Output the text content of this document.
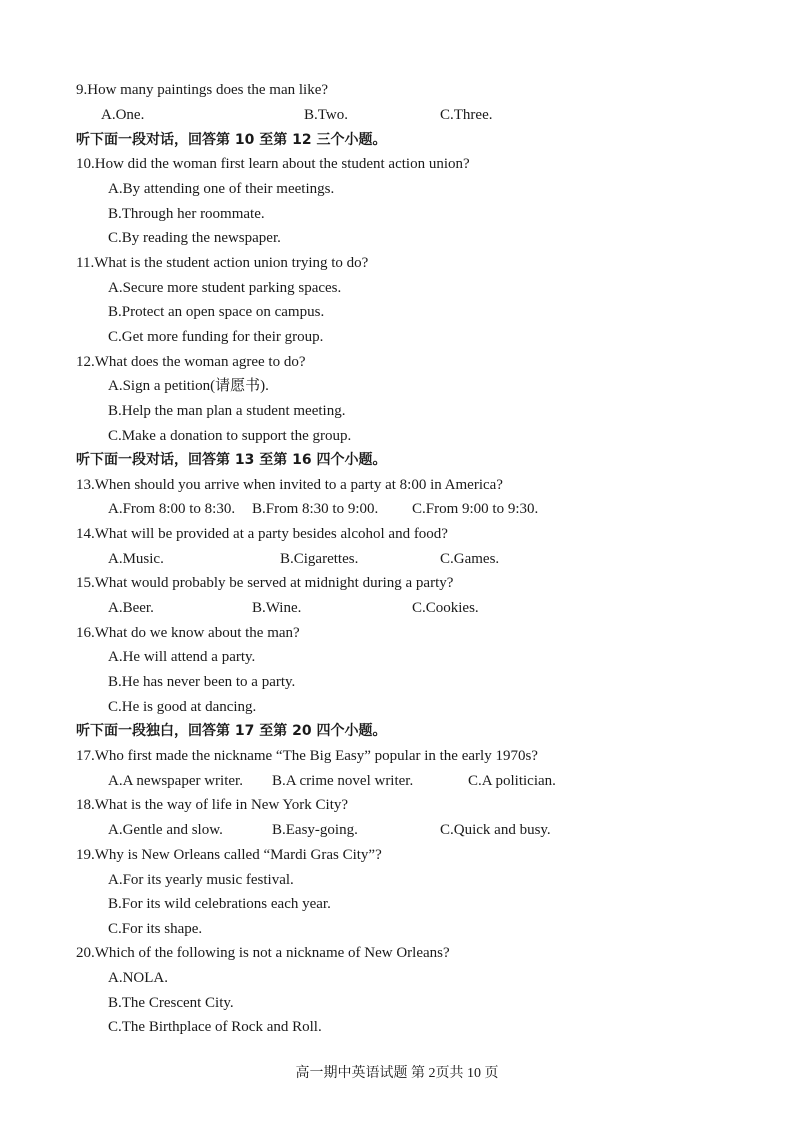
9.How many paintings does the man like?
A.One.	B.Two.	C.Three.
听下面一段对话，回答第 10 至第 12 三个小题。
10.How did the woman first learn about the student action union?
A.By attending one of their meetings.
B.Through her roommate.
C.By reading the newspaper.
11.What is the student action union trying to do?
A.Secure more student parking spaces.
B.Protect an open space on campus.
C.Get more funding for their group.
12.What does the woman agree to do?
A.Sign a petition(请愿书).
B.Help the man plan a student meeting.
C.Make a donation to support the group.
听下面一段对话，回答第 13 至第 16 四个小题。
13.When should you arrive when invited to a party at 8:00 in America?
A.From 8:00 to 8:30. B.From 8:30 to 9:00. C.From 9:00 to 9:30.
14.What will be provided at a party besides alcohol and food?
A.Music.	B.Cigarettes.	C.Games.
15.What would probably be served at midnight during a party?
A.Beer.	B.Wine.	C.Cookies.
16.What do we know about the man?
A.He will attend a party.
B.He has never been to a party.
C.He is good at dancing.
听下面一段独白，回答第 17 至第 20 四个小题。
17.Who first made the nickname “The Big Easy” popular in the early 1970s?
A.A newspaper writer. B.A crime novel writer.	C.A politician.
18.What is the way of life in New York City?
A.Gentle and slow.	B.Easy-going.	C.Quick and busy.
19.Why is New Orleans called “Mardi Gras City”?
A.For its yearly music festival.
B.For its wild celebrations each year.
C.For its shape.
20.Which of the following is not a nickname of New Orleans?
A.NOLA.
B.The Crescent City.
C.The Birthplace of Rock and Roll.
高一期中英语试题 第 2页共 10 页
